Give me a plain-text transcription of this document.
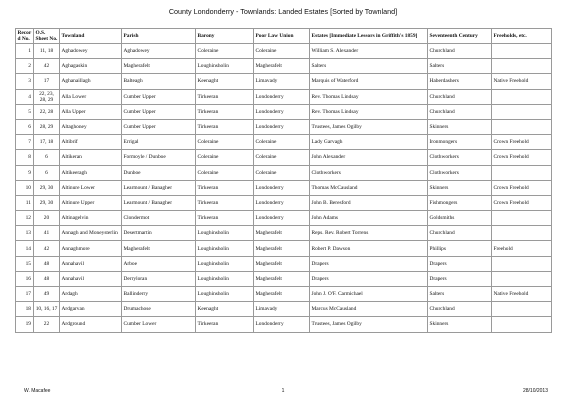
County Londonderry - Townlands: Landed Estates [Sorted by Townland]
Record No.	O.S. Sheet No.	Townland	Parish	Barony	Poor Law Union	Estates [Immediate Lessors in Griffith's 1859]	Seventeenth Century	Freeholds, etc.
1	11, 18	Aghadowey	Aghadowey	Coleraine	Coleraine	William S. Alexander	Churchland	
2	42	Aghagaskin	Magherafelt	Loughinsholin	Magherafelt	Salters	Salters	
3	17	Aghanaillagh	Balteagh	Keenaght	Limavady	Marquis of Waterford	Haberdashers	Native Freehold
4	22, 23, 28, 29	Alla Lower	Cumber Upper	Tirkeeran	Londonderry	Rev. Thomas Lindsay	Churchland	
5	22, 28	Alla Upper	Cumber Upper	Tirkeeran	Londonderry	Rev. Thomas Lindsay	Churchland	
6	28, 29	Altaghoney	Cumber Upper	Tirkeeran	Londonderry	Trustees, James Ogilby	Skinners	
7	17, 18	Altibrif	Errigal	Coleraine	Coleraine	Lady Garvagh	Ironmongers	Crown Freehold
8	6	Altikeran	Formoyle / Dunboe	Coleraine	Coleraine	John Alexander	Clothworkers	Crown Freehold
9	6	Altikeeragh	Dunboe	Coleraine	Coleraine	Clothworkers	Clothworkers	
10	29, 30	Altinure Lower	Learmount / Banagher	Tirkeeran	Londonderry	Thomas McCausland	Skinners	Crown Freehold
11	29, 30	Altinure Upper	Learmount / Banagher	Tirkeeran	Londonderry	John B. Beresford	Fishmongers	Crown Freehold
12	20	Altinagelvin	Clondermot	Tirkeeran	Londonderry	John Adams	Goldsmiths	
13	41	Annagh and Moneysterlin	Desertmartin	Loughinsholin	Magherafelt	Reps. Rev. Robert Torrens	Churchland	
14	42	Annaghmore	Magherafelt	Loughinsholin	Magherafelt	Robert P. Dawson	Phillips	Freehold
15	48	Annahavil	Arboe	Loughinsholin	Magherafelt	Drapers	Drapers	
16	48	Annahavil	Derryloran	Loughinsholin	Magherafelt	Drapers	Drapers	
17	49	Ardagh	Ballinderry	Loughinsholin	Magherafelt	John J. O'F. Carmichael	Salters	Native Freehold
18	10, 16, 17	Ardgarvan	Drumachose	Keenaght	Limavady	Marcus McCausland	Churchland	
19	22	Ardground	Cumber Lower	Tirkeeran	Londonderry	Trustees, James Ogilby	Skinners	
W. Macafee	1	28/10/2013
